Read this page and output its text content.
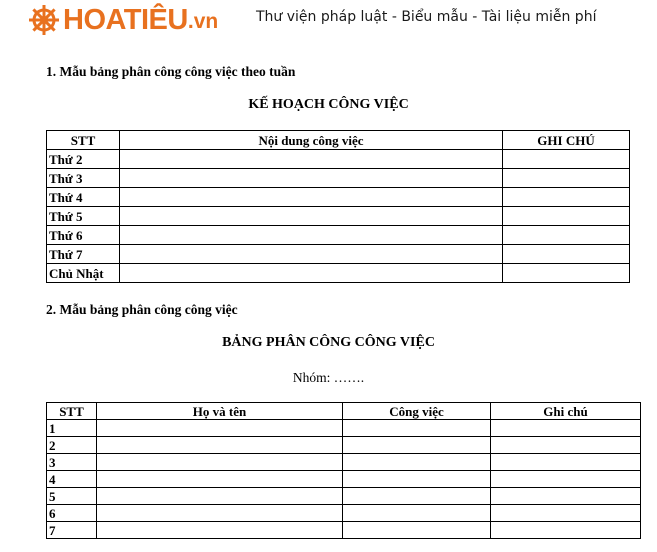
HOATIÊU .vn	Thư viện pháp luật - Biểu mẫu - Tài liệu miễn phí
1. Mẫu bảng phân công công việc theo tuần
KẾ HOẠCH CÔNG VIỆC
STT	Nội dung công việc	GHI CHÚ
Thứ 2		
Thứ 3		
Thứ 4		
Thứ 5		
Thứ 6		
Thứ 7		
Chủ Nhật		
2. Mẫu bảng phân công công việc
BẢNG PHÂN CÔNG CÔNG VIỆC
Nhóm: …….
STT	Họ và tên	Công việc	Ghi chú
1			
2			
3			
4			
5			
6			
7			
